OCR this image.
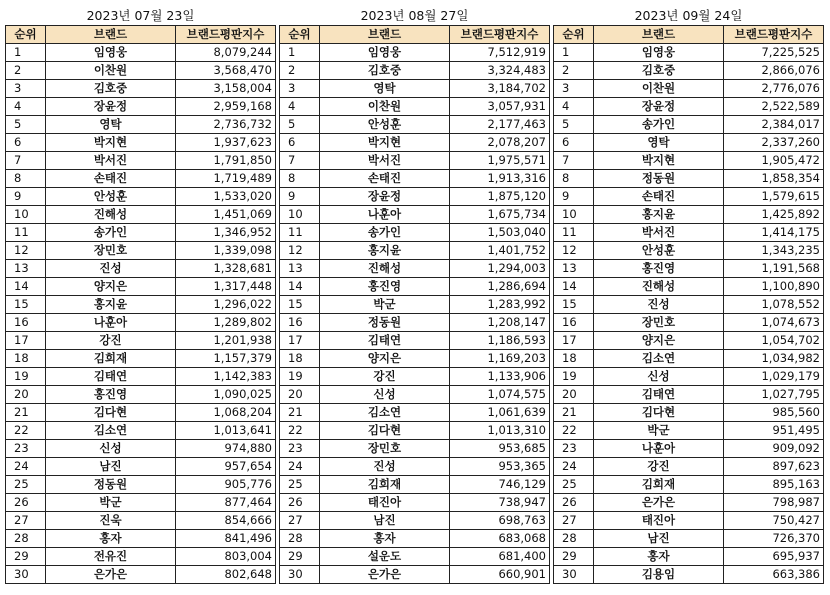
2023년 07월 23일		
순위	브랜드	브랜드평판지수
1	임영웅	8,079,244
2	이찬원	3,568,470
3	김호중	3,158,004
4	장윤정	2,959,168
5	영탁	2,736,732
6	박지현	1,937,623
7	박서진	1,791,850
8	손태진	1,719,489
9	안성훈	1,533,020
10	진해성	1,451,069
11	송가인	1,346,952
12	장민호	1,339,098
13	진성	1,328,681
14	양지은	1,317,448
15	홍지윤	1,296,022
16	나훈아	1,289,802
17	강진	1,201,938
18	김희재	1,157,379
19	김태연	1,142,383
20	홍진영	1,090,025
21	김다현	1,068,204
22	김소연	1,013,641
23	신성	974,880
24	남진	957,654
25	정동원	905,776
26	박군	877,464
27	진욱	854,666
28	홍자	841,496
29	전유진	803,004
30	은가은	802,648
2023년 08월 27일		
순위	브랜드	브랜드평판지수
1	임영웅	7,512,919
2	김호중	3,324,483
3	영탁	3,184,702
4	이찬원	3,057,931
5	안성훈	2,177,463
6	박지현	2,078,207
7	박서진	1,975,571
8	손태진	1,913,316
9	장윤정	1,875,120
10	나훈아	1,675,734
11	송가인	1,503,040
12	홍지윤	1,401,752
13	진해성	1,294,003
14	홍진영	1,286,694
15	박군	1,283,992
16	정동원	1,208,147
17	김태연	1,186,593
18	양지은	1,169,203
19	강진	1,133,906
20	신성	1,074,575
21	김소연	1,061,639
22	김다현	1,013,310
23	장민호	953,685
24	진성	953,365
25	김희재	746,129
26	태진아	738,947
27	남진	698,763
28	홍자	683,068
29	설운도	681,400
30	은가은	660,901
2023년 09월 24일		
순위	브랜드	브랜드평판지수
1	임영웅	7,225,525
2	김호중	2,866,076
3	이찬원	2,776,076
4	장윤정	2,522,589
5	송가인	2,384,017
6	영탁	2,337,260
7	박지현	1,905,472
8	정동원	1,858,354
9	손태진	1,579,615
10	홍지윤	1,425,892
11	박서진	1,414,175
12	안성훈	1,343,235
13	홍진영	1,191,568
14	진해성	1,100,890
15	진성	1,078,552
16	장민호	1,074,673
17	양지은	1,054,702
18	김소연	1,034,982
19	신성	1,029,179
20	김태연	1,027,795
21	김다현	985,560
22	박군	951,495
23	나훈아	909,092
24	강진	897,623
25	김희재	895,163
26	은가은	798,987
27	태진아	750,427
28	남진	726,370
29	홍자	695,937
30	김용임	663,386
